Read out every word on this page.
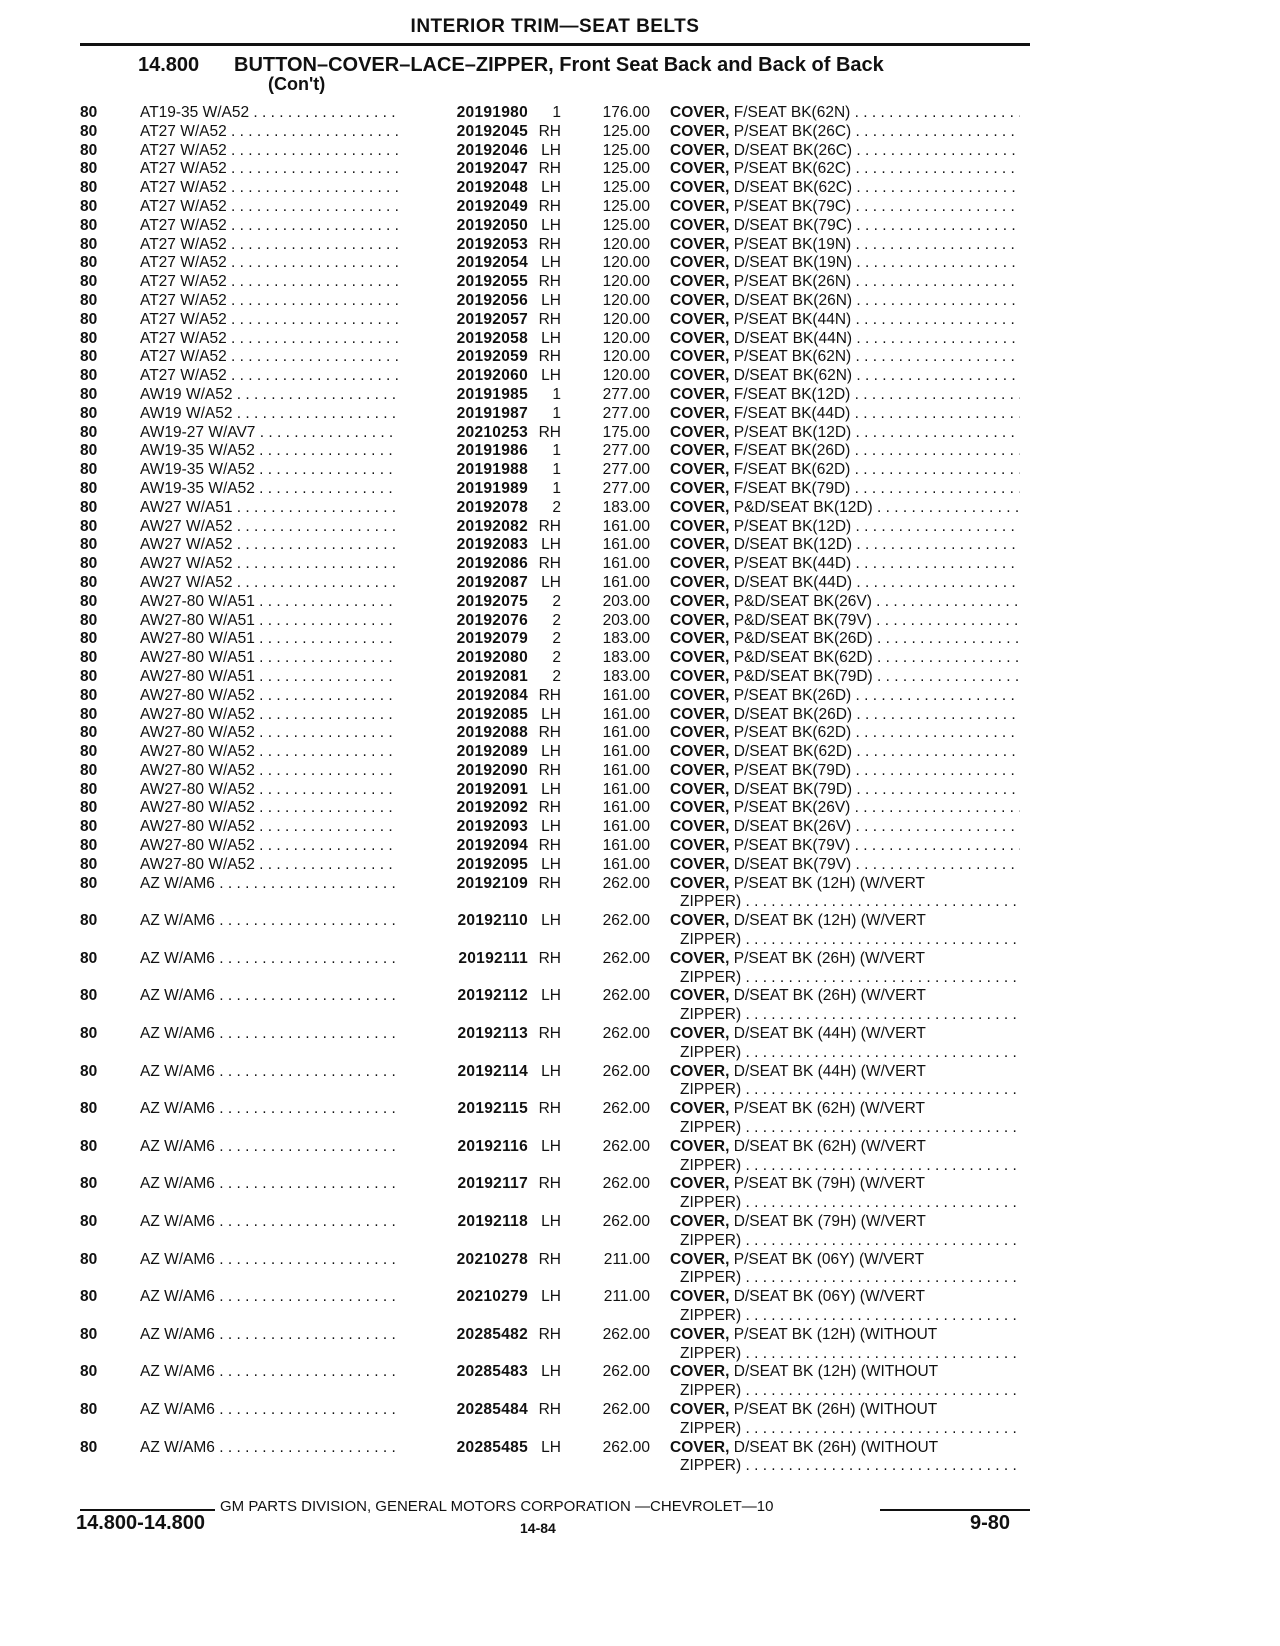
INTERIOR TRIM—SEAT BELTS
14.800 BUTTON–COVER–LACE–ZIPPER, Front Seat Back and Back of Back
(Con't)
80	AT19-35 W/A52 . . .	20191980	1	176.00 COVER, F/SEAT BK(62N) . . .
80	AT27 W/A52 . . .	20192045 RH	125.00 COVER, P/SEAT BK(26C) . . .
80	AT27 W/A52 . . .	20192046 LH	125.00 COVER, D/SEAT BK(26C) . . .
80	AT27 W/A52 . . .	20192047 RH	125.00 COVER, P/SEAT BK(62C) . . .
80	AT27 W/A52 . . .	20192048 LH	125.00 COVER, D/SEAT BK(62C) . . .
80	AT27 W/A52 . . .	20192049 RH	125.00 COVER, P/SEAT BK(79C) . . .
80	AT27 W/A52 . . .	20192050 LH	125.00 COVER, D/SEAT BK(79C) . . .
80	AT27 W/A52 . . .	20192053 RH	120.00 COVER, P/SEAT BK(19N) . . .
80	AT27 W/A52 . . .	20192054 LH	120.00 COVER, D/SEAT BK(19N) . . .
80	AT27 W/A52 . . .	20192055 RH	120.00 COVER, P/SEAT BK(26N) . . .
80	AT27 W/A52 . . .	20192056 LH	120.00 COVER, D/SEAT BK(26N) . . .
80	AT27 W/A52 . . .	20192057 RH	120.00 COVER, P/SEAT BK(44N) . . .
80	AT27 W/A52 . . .	20192058 LH	120.00 COVER, D/SEAT BK(44N) . . .
80	AT27 W/A52 . . .	20192059 RH	120.00 COVER, P/SEAT BK(62N) . . .
80	AT27 W/A52 . . .	20192060 LH	120.00 COVER, D/SEAT BK(62N) . . .
80	AW19 W/A52 . . .	20191985	1	277.00 COVER, F/SEAT BK(12D) . . .
80	AW19 W/A52 . . .	20191987	1	277.00 COVER, F/SEAT BK(44D) . . .
80	AW19-27 W/AV7 . . .	20210253 RH	175.00 COVER, P/SEAT BK(12D) . . .
80	AW19-35 W/A52 . . .	20191986	1	277.00 COVER, F/SEAT BK(26D) . . .
80	AW19-35 W/A52 . . .	20191988	1	277.00 COVER, F/SEAT BK(62D) . . .
80	AW19-35 W/A52 . . .	20191989	1	277.00 COVER, F/SEAT BK(79D) . . .
80	AW27 W/A51 . . .	20192078	2	183.00 COVER, P&D/SEAT BK(12D) . . .
80	AW27 W/A52 . . .	20192082 RH	161.00 COVER, P/SEAT BK(12D) . . .
80	AW27 W/A52 . . .	20192083 LH	161.00 COVER, D/SEAT BK(12D) . . .
80	AW27 W/A52 . . .	20192086 RH	161.00 COVER, P/SEAT BK(44D) . . .
80	AW27 W/A52 . . .	20192087 LH	161.00 COVER, D/SEAT BK(44D) . . .
80	AW27-80 W/A51 . . .	20192075	2	203.00 COVER, P&D/SEAT BK(26V) . . .
80	AW27-80 W/A51 . . .	20192076	2	203.00 COVER, P&D/SEAT BK(79V) . . .
80	AW27-80 W/A51 . . .	20192079	2	183.00 COVER, P&D/SEAT BK(26D) . . .
80	AW27-80 W/A51 . . .	20192080	2	183.00 COVER, P&D/SEAT BK(62D) . . .
80	AW27-80 W/A51 . . .	20192081	2	183.00 COVER, P&D/SEAT BK(79D) . . .
80	AW27-80 W/A52 . . .	20192084 RH	161.00 COVER, P/SEAT BK(26D) . . .
80	AW27-80 W/A52 . . .	20192085 LH	161.00 COVER, D/SEAT BK(26D) . . .
80	AW27-80 W/A52 . . .	20192088 RH	161.00 COVER, P/SEAT BK(62D) . . .
80	AW27-80 W/A52 . . .	20192089 LH	161.00 COVER, D/SEAT BK(62D) . . .
80	AW27-80 W/A52 . . .	20192090 RH	161.00 COVER, P/SEAT BK(79D) . . .
80	AW27-80 W/A52 . . .	20192091 LH	161.00 COVER, D/SEAT BK(79D) . . .
80	AW27-80 W/A52 . . .	20192092 RH	161.00 COVER, P/SEAT BK(26V) . . .
80	AW27-80 W/A52 . . .	20192093 LH	161.00 COVER, D/SEAT BK(26V) . . .
80	AW27-80 W/A52 . . .	20192094 RH	161.00 COVER, P/SEAT BK(79V) . . .
80	AW27-80 W/A52 . . .	20192095 LH	161.00 COVER, D/SEAT BK(79V) . . .
80	AZ W/AM6 . . .	20192109 RH	262.00 COVER, P/SEAT BK (12H) (W/VERT
ZIPPER) . . .
80	AZ W/AM6 . . .	20192110 LH	262.00 COVER, D/SEAT BK (12H) (W/VERT
ZIPPER) . . .
80	AZ W/AM6 . . .	20192111 RH	262.00 COVER, P/SEAT BK (26H) (W/VERT
ZIPPER) . . .
80	AZ W/AM6 . . .	20192112 LH	262.00 COVER, D/SEAT BK (26H) (W/VERT
ZIPPER) . . .
80	AZ W/AM6 . . .	20192113 RH	262.00 COVER, D/SEAT BK (44H) (W/VERT
ZIPPER) . . .
80	AZ W/AM6 . . .	20192114 LH	262.00 COVER, D/SEAT BK (44H) (W/VERT
ZIPPER) . . .
80	AZ W/AM6 . . .	20192115 RH	262.00 COVER, P/SEAT BK (62H) (W/VERT
ZIPPER) . . .
80	AZ W/AM6 . . .	20192116 LH	262.00 COVER, D/SEAT BK (62H) (W/VERT
ZIPPER) . . .
80	AZ W/AM6 . . .	20192117 RH	262.00 COVER, P/SEAT BK (79H) (W/VERT
ZIPPER) . . .
80	AZ W/AM6 . . .	20192118 LH	262.00 COVER, D/SEAT BK (79H) (W/VERT
ZIPPER) . . .
80	AZ W/AM6 . . .	20210278 RH	211.00 COVER, P/SEAT BK (06Y) (W/VERT
ZIPPER) . . .
80	AZ W/AM6 . . .	20210279 LH	211.00 COVER, D/SEAT BK (06Y) (W/VERT
ZIPPER) . . .
80	AZ W/AM6 . . .	20285482 RH	262.00 COVER, P/SEAT BK (12H) (WITHOUT
ZIPPER) . . .
80	AZ W/AM6 . . .	20285483 LH	262.00 COVER, D/SEAT BK (12H) (WITHOUT
ZIPPER) . . .
80	AZ W/AM6 . . .	20285484 RH	262.00 COVER, P/SEAT BK (26H) (WITHOUT
ZIPPER) . . .
80	AZ W/AM6 . . .	20285485 LH	262.00 COVER, D/SEAT BK (26H) (WITHOUT
ZIPPER) . . .
GM PARTS DIVISION, GENERAL MOTORS CORPORATION —CHEVROLET—10
14.800-14.800	14-84	9-80
